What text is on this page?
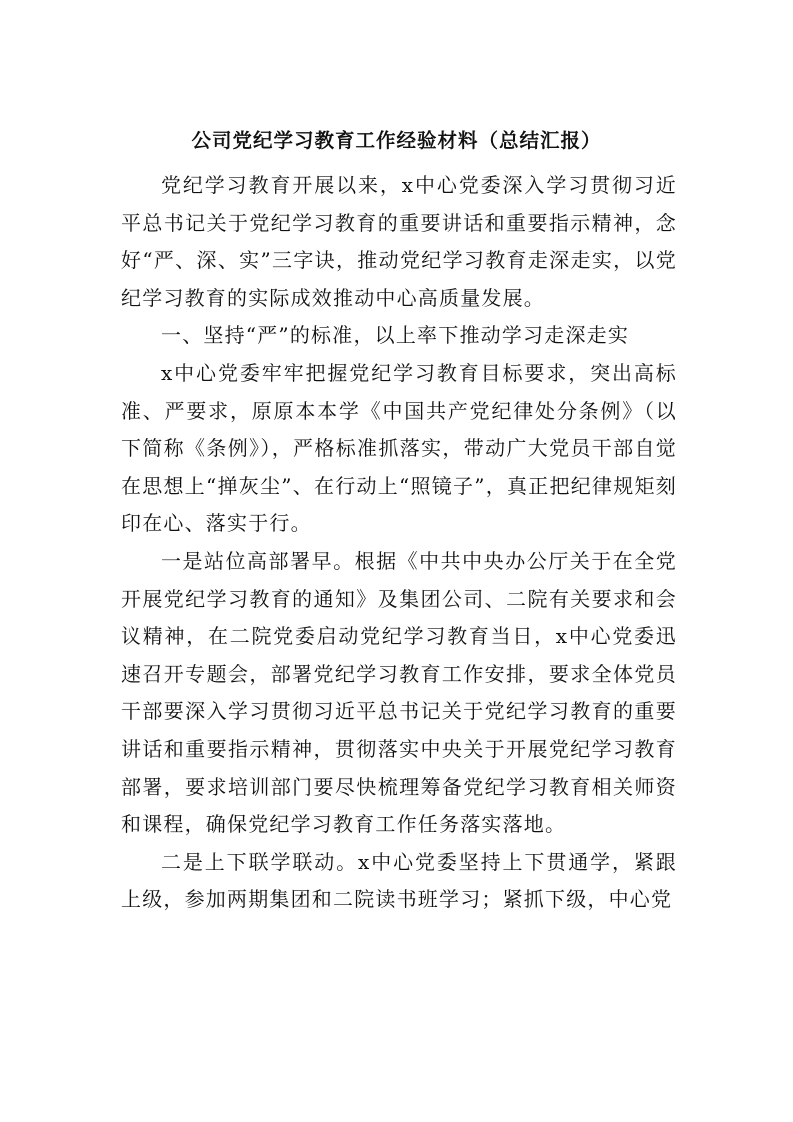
公司党纪学习教育工作经验材料（总结汇报）

党纪学习教育开展以来，x中心党委深入学习贯彻习近平总书记关于党纪学习教育的重要讲话和重要指示精神，念好“严、深、实”三字诀，推动党纪学习教育走深走实，以党纪学习教育的实际成效推动中心高质量发展。

一、坚持“严”的标准，以上率下推动学习走深走实

x中心党委牢牢把握党纪学习教育目标要求，突出高标准、严要求，原原本本学《中国共产党纪律处分条例》（以下简称《条例》），严格标准抓落实，带动广大党员干部自觉在思想上“掸灰尘”、在行动上“照镜子”，真正把纪律规矩刻印在心、落实于行。

一是站位高部署早。根据《中共中央办公厅关于在全党开展党纪学习教育的通知》及集团公司、二院有关要求和会议精神，在二院党委启动党纪学习教育当日，x中心党委迅速召开专题会，部署党纪学习教育工作安排，要求全体党员干部要深入学习贯彻习近平总书记关于党纪学习教育的重要讲话和重要指示精神，贯彻落实中央关于开展党纪学习教育部署，要求培训部门要尽快梳理筹备党纪学习教育相关师资和课程，确保党纪学习教育工作任务落实落地。

二是上下联学联动。x中心党委坚持上下贯通学，紧跟上级，参加两期集团和二院读书班学习；紧抓下级，中心党
